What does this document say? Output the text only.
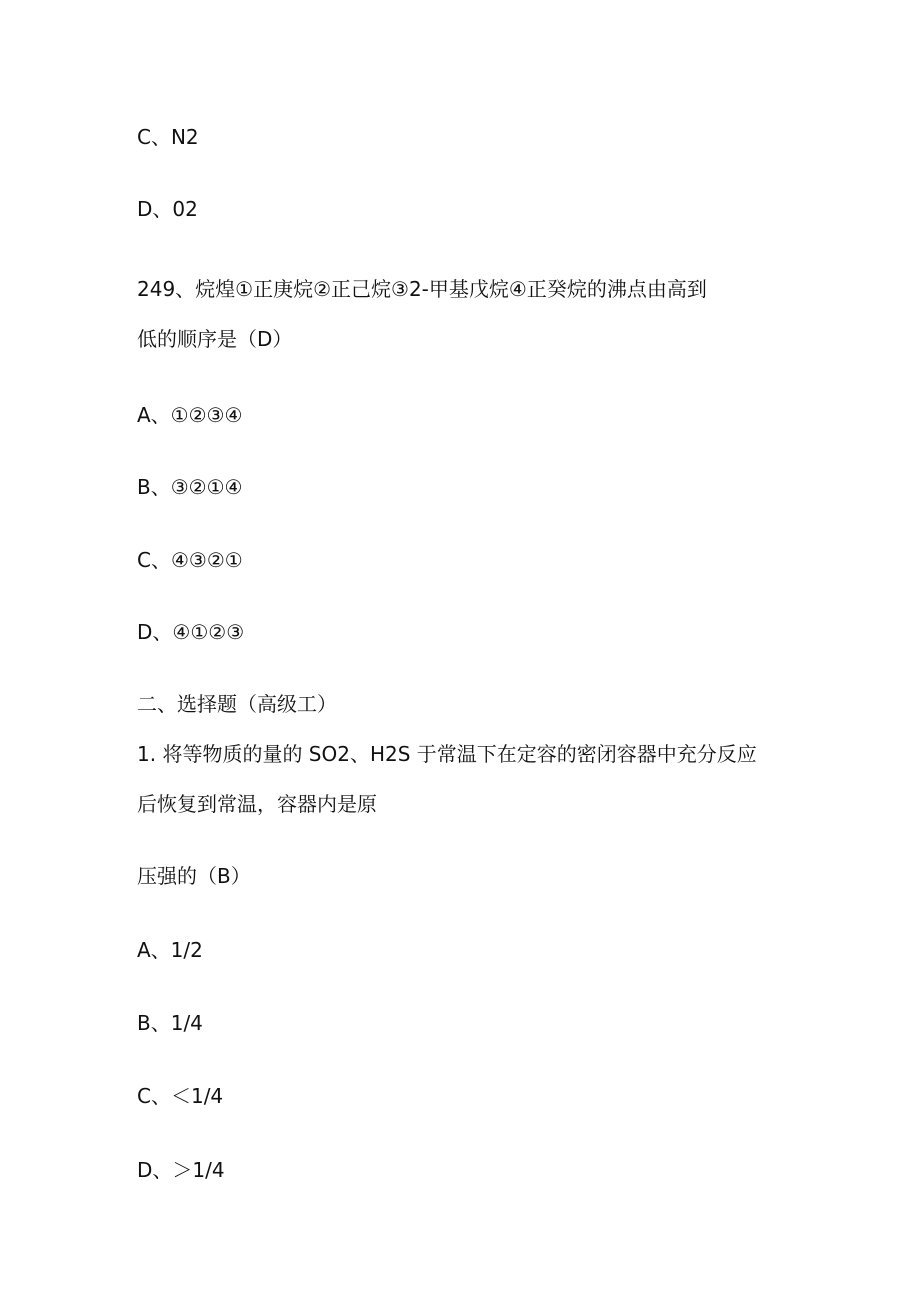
C、N2

D、02

249、烷煌①正庚烷②正己烷③2-甲基戊烷④正癸烷的沸点由高到

低的顺序是（D）

A、①②③④

B、③②①④

C、④③②①

D、④①②③

二、选择题（高级工）

1. 将等物质的量的 SO2、H2S 于常温下在定容的密闭容器中充分反应

后恢复到常温，容器内是原

压强的（B）

A、1/2

B、1/4

C、＜1/4

D、＞1/4
